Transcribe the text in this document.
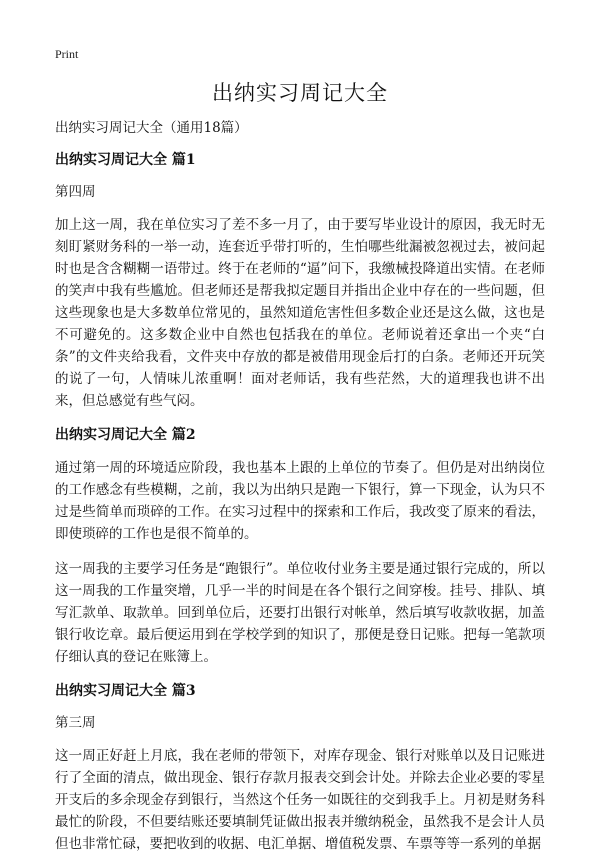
Print
出纳实习周记大全

出纳实习周记大全（通用18篇）

出纳实习周记大全 篇1

第四周

加上这一周，我在单位实习了差不多一月了，由于要写毕业设计的原因，我无时无刻盯紧财务科的一举一动，连套近乎带打听的，生怕哪些纰漏被忽视过去，被问起时也是含含糊糊一语带过。终于在老师的“逼”问下，我缴械投降道出实情。在老师的笑声中我有些尴尬。但老师还是帮我拟定题目并指出企业中存在的一些问题，但这些现象也是大多数单位常见的，虽然知道危害性但多数企业还是这么做，这也是不可避免的。这多数企业中自然也包括我在的单位。老师说着还拿出一个夹“白条”的文件夹给我看，文件夹中存放的都是被借用现金后打的白条。老师还开玩笑的说了一句，人情味儿浓重啊！面对老师话，我有些茫然，大的道理我也讲不出来，但总感觉有些气闷。

出纳实习周记大全 篇2

通过第一周的环境适应阶段，我也基本上跟的上单位的节奏了。但仍是对出纳岗位的工作感念有些模糊，之前，我以为出纳只是跑一下银行，算一下现金，认为只不过是些简单而琐碎的工作。在实习过程中的探索和工作后，我改变了原来的看法，即使琐碎的工作也是很不简单的。

这一周我的主要学习任务是“跑银行”。单位收付业务主要是通过银行完成的，所以这一周我的工作量突增，几乎一半的时间是在各个银行之间穿梭。挂号、排队、填写汇款单、取款单。回到单位后，还要打出银行对帐单，然后填写收款收据，加盖银行收讫章。最后便运用到在学校学到的知识了，那便是登日记账。把每一笔款项仔细认真的登记在账簿上。

出纳实习周记大全 篇3

第三周

这一周正好赶上月底，我在老师的带领下，对库存现金、银行对账单以及日记账进行了全面的清点，做出现金、银行存款月报表交到会计处。并除去企业必要的零星开支后的多余现金存到银行，当然这个任务一如既往的交到我手上。月初是财务科最忙的阶段，不但要结账还要填制凭证做出报表并缴纳税金，虽然我不是会计人员但也非常忙碌，要把收到的收据、电汇单据、增值税发票、车票等等一系列的单据
